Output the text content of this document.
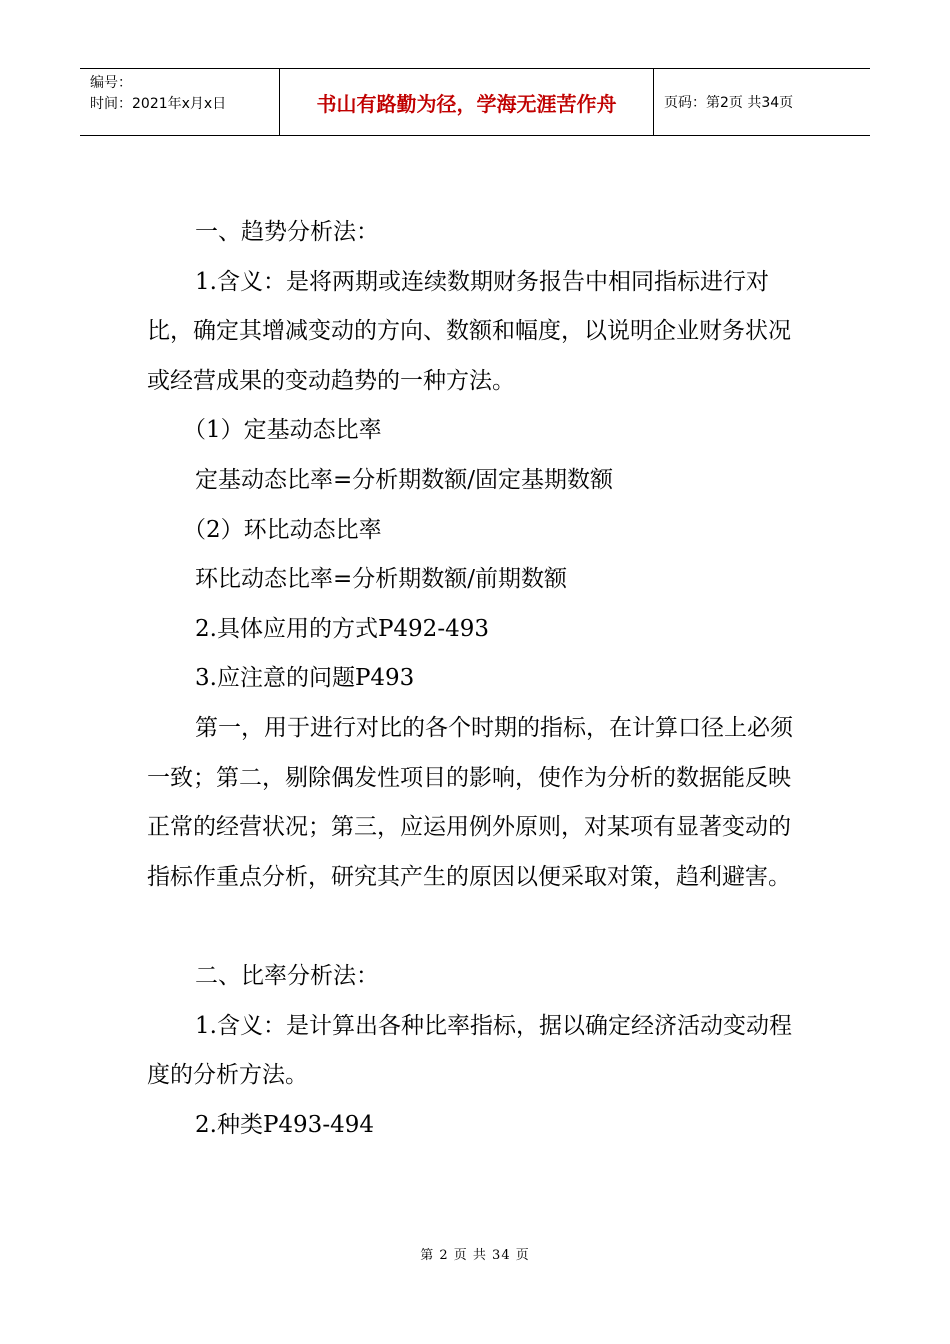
编号：
时间：2021年x月x日	书山有路勤为径，学海无涯苦作舟	页码：第2页 共34页

一、趋势分析法：

1.含义：是将两期或连续数期财务报告中相同指标进行对比，确定其增减变动的方向、数额和幅度，以说明企业财务状况或经营成果的变动趋势的一种方法。

（1）定基动态比率

定基动态比率=分析期数额/固定基期数额

（2）环比动态比率

环比动态比率=分析期数额/前期数额

2.具体应用的方式P492-493

3.应注意的问题P493

第一，用于进行对比的各个时期的指标，在计算口径上必须一致；第二，剔除偶发性项目的影响，使作为分析的数据能反映正常的经营状况；第三，应运用例外原则，对某项有显著变动的指标作重点分析，研究其产生的原因以便采取对策，趋利避害。

二、比率分析法：

1.含义：是计算出各种比率指标，据以确定经济活动变动程度的分析方法。

2.种类P493-494

第 2 页 共 34 页
